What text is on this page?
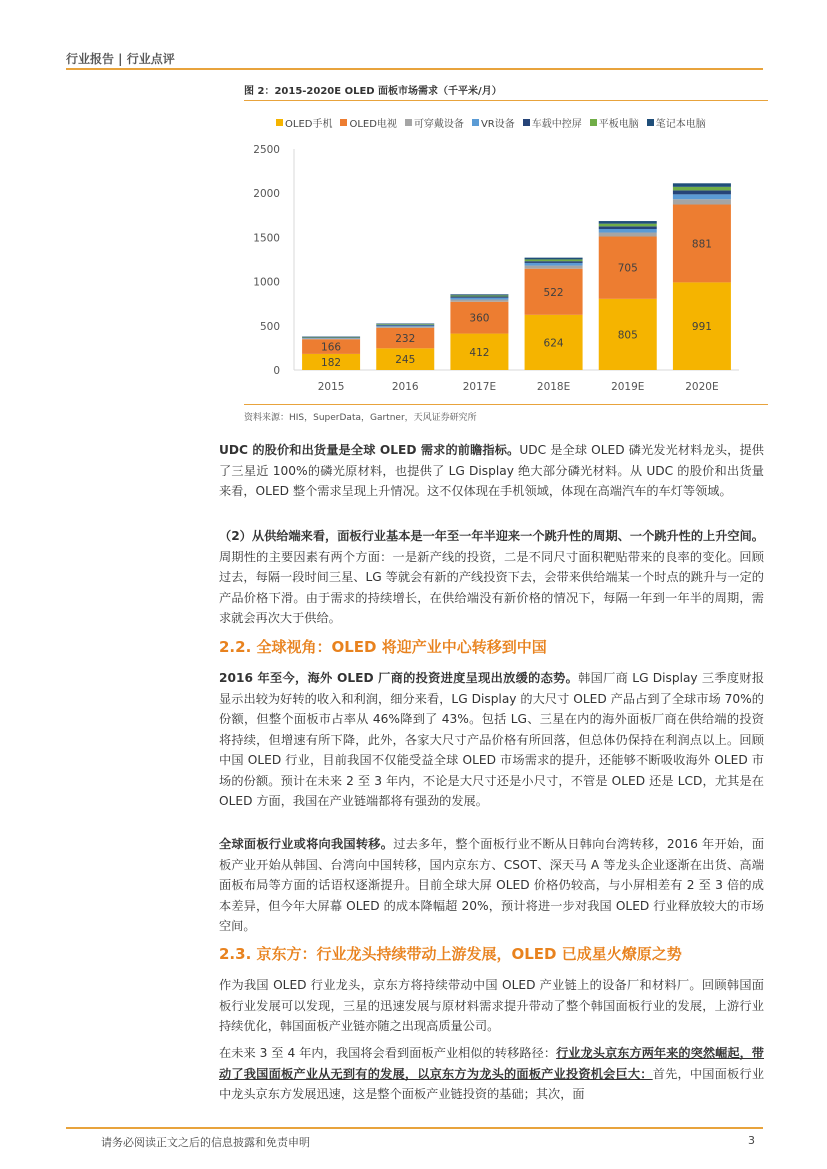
行业报告 | 行业点评
图 2：2015-2020E OLED 面板市场需求（千平米/月）
OLED手机 OLED电视 可穿戴设备 VR设备 车载中控屏 平板电脑 笔记本电脑
0
500
1000
1500
2000
2500
182
166
2015
245
232
2016
412
360
2017E
624
522
2018E
805
705
2019E
991
881
2020E
资料来源：HIS，SuperData，Gartner，天风证券研究所
UDC 的股价和出货量是全球 OLED 需求的前瞻指标。UDC 是全球 OLED 磷光发光材料龙头，提供了三星近 100%的磷光原材料，也提供了 LG Display 绝大部分磷光材料。从 UDC 的股价和出货量来看，OLED 整个需求呈现上升情况。这不仅体现在手机领域，体现在高端汽车的车灯等领域。
（2）从供给端来看，面板行业基本是一年至一年半迎来一个跳升性的周期、一个跳升性的上升空间。周期性的主要因素有两个方面：一是新产线的投资，二是不同尺寸面积靶贴带来的良率的变化。回顾过去，每隔一段时间三星、LG 等就会有新的产线投资下去，会带来供给端某一个时点的跳升与一定的产品价格下滑。由于需求的持续增长，在供给端没有新价格的情况下，每隔一年到一年半的周期，需求就会再次大于供给。
2.2. 全球视角：OLED 将迎产业中心转移到中国
2016 年至今，海外 OLED 厂商的投资进度呈现出放缓的态势。韩国厂商 LG Display 三季度财报显示出较为好转的收入和利润，细分来看，LG Display 的大尺寸 OLED 产品占到了全球市场 70%的份额，但整个面板市占率从 46%降到了 43%。包括 LG、三星在内的海外面板厂商在供给端的投资将持续，但增速有所下降，此外，各家大尺寸产品价格有所回落，但总体仍保持在利润点以上。回顾中国 OLED 行业，目前我国不仅能受益全球 OLED 市场需求的提升，还能够不断吸收海外 OLED 市场的份额。预计在未来 2 至 3 年内，不论是大尺寸还是小尺寸，不管是 OLED 还是 LCD，尤其是在 OLED 方面，我国在产业链端都将有强劲的发展。
全球面板行业或将向我国转移。过去多年，整个面板行业不断从日韩向台湾转移，2016 年开始，面板产业开始从韩国、台湾向中国转移，国内京东方、CSOT、深天马 A 等龙头企业逐渐在出货、高端面板布局等方面的话语权逐渐提升。目前全球大屏 OLED 价格仍较高，与小屏相差有 2 至 3 倍的成本差异，但今年大屏幕 OLED 的成本降幅超 20%，预计将进一步对我国 OLED 行业释放较大的市场空间。
2.3. 京东方：行业龙头持续带动上游发展，OLED 已成星火燎原之势
作为我国 OLED 行业龙头，京东方将持续带动中国 OLED 产业链上的设备厂和材料厂。回顾韩国面板行业发展可以发现，三星的迅速发展与原材料需求提升带动了整个韩国面板行业的发展，上游行业持续优化，韩国面板产业链亦随之出现高质量公司。
在未来 3 至 4 年内，我国将会看到面板产业相似的转移路径：行业龙头京东方两年来的突然崛起，带动了我国面板产业从无到有的发展，以京东方为龙头的面板产业投资机会巨大：首先，中国面板行业中龙头京东方发展迅速，这是整个面板产业链投资的基础；其次，面
请务必阅读正文之后的信息披露和免责申明	3
